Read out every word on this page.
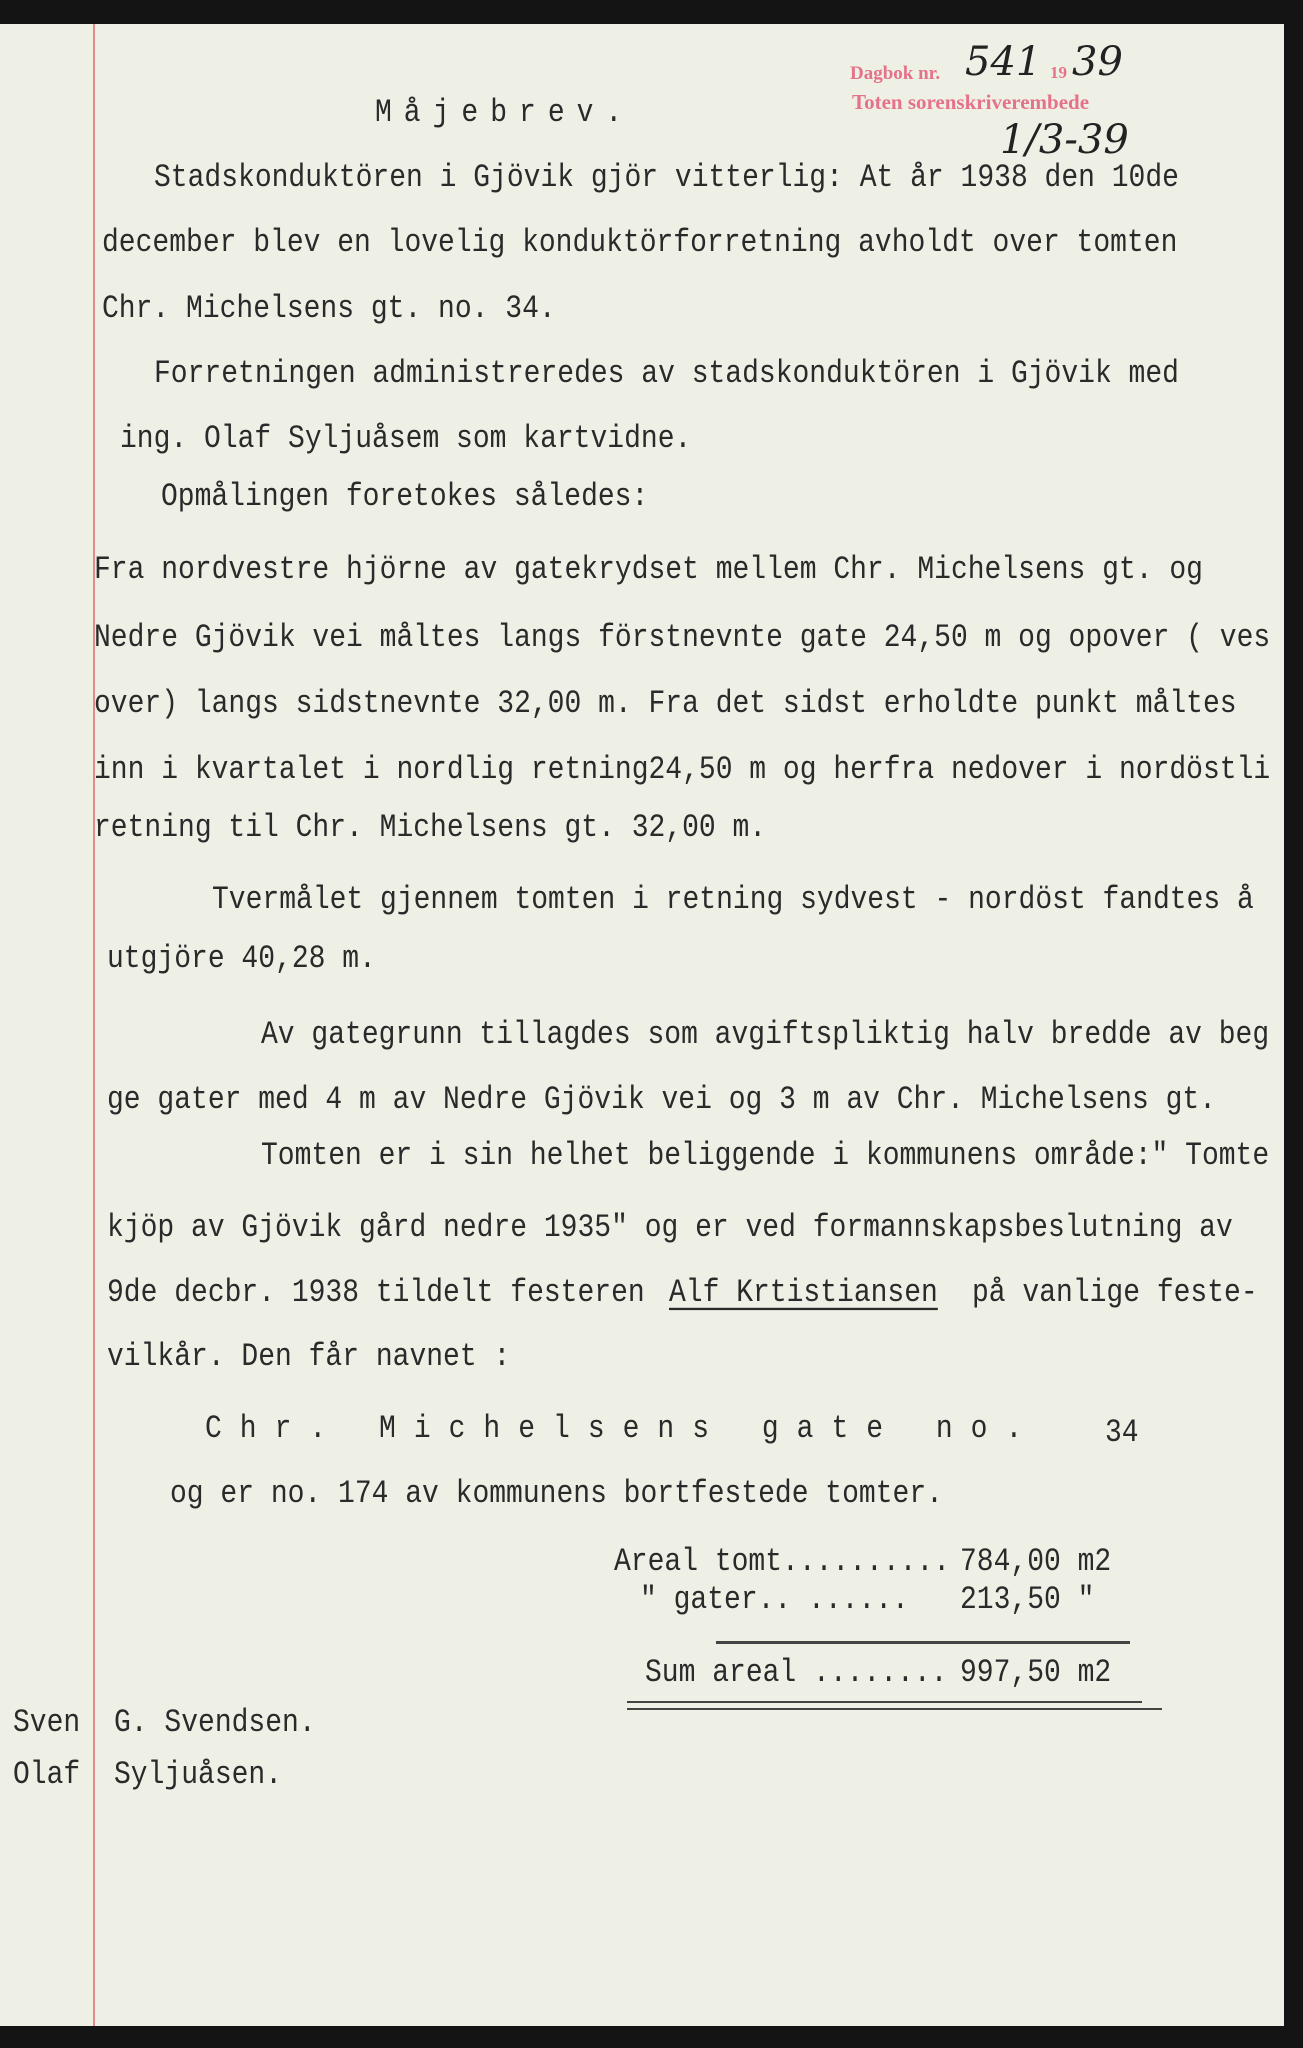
Dagbok nr. 541 19 39
Toten sorenskriverembede
1/3-39
Måjebrev.
Stadskonduktören i Gjövik gjör vitterlig: At år 1938 den 10de
december blev en lovelig konduktörforretning avholdt over tomten
Chr. Michelsens gt. no. 34.
Forretningen administreredes av stadskonduktören i Gjövik med
ing. Olaf Syljuåsem som kartvidne.
Opmålingen foretokes således:
Fra nordvestre hjörne av gatekrydset mellem Chr. Michelsens gt. og
Nedre Gjövik vei måltes langs förstnevnte gate 24,50 m og opover ( ves
over) langs sidstnevnte 32,00 m. Fra det sidst erholdte punkt måltes
inn i kvartalet i nordlig retning24,50 m og herfra nedover i nordöstli
retning til Chr. Michelsens gt. 32,00 m.
Tvermålet gjennem tomten i retning sydvest - nordöst fandtes å
utgjöre 40,28 m.
Av gategrunn tillagdes som avgiftspliktig halv bredde av beg
ge gater med 4 m av Nedre Gjövik vei og 3 m av Chr. Michelsens gt.
Tomten er i sin helhet beliggende i kommunens område:" Tomte
kjöp av Gjövik gård nedre 1935" og er ved formannskapsbeslutning av
9de decbr. 1938 tildelt festeren Alf Krtistiansen på vanlige feste-
vilkår. Den får navnet :
Chr. Michelsens gate no. 34
og er no. 174 av kommunens bortfestede tomter.
Areal tomt.......... 784,00 m2
" gater.. ...... 213,50 "
Sum areal ........ 997,50 m2
Sven G. Svendsen.
Olaf Syljuåsen.
